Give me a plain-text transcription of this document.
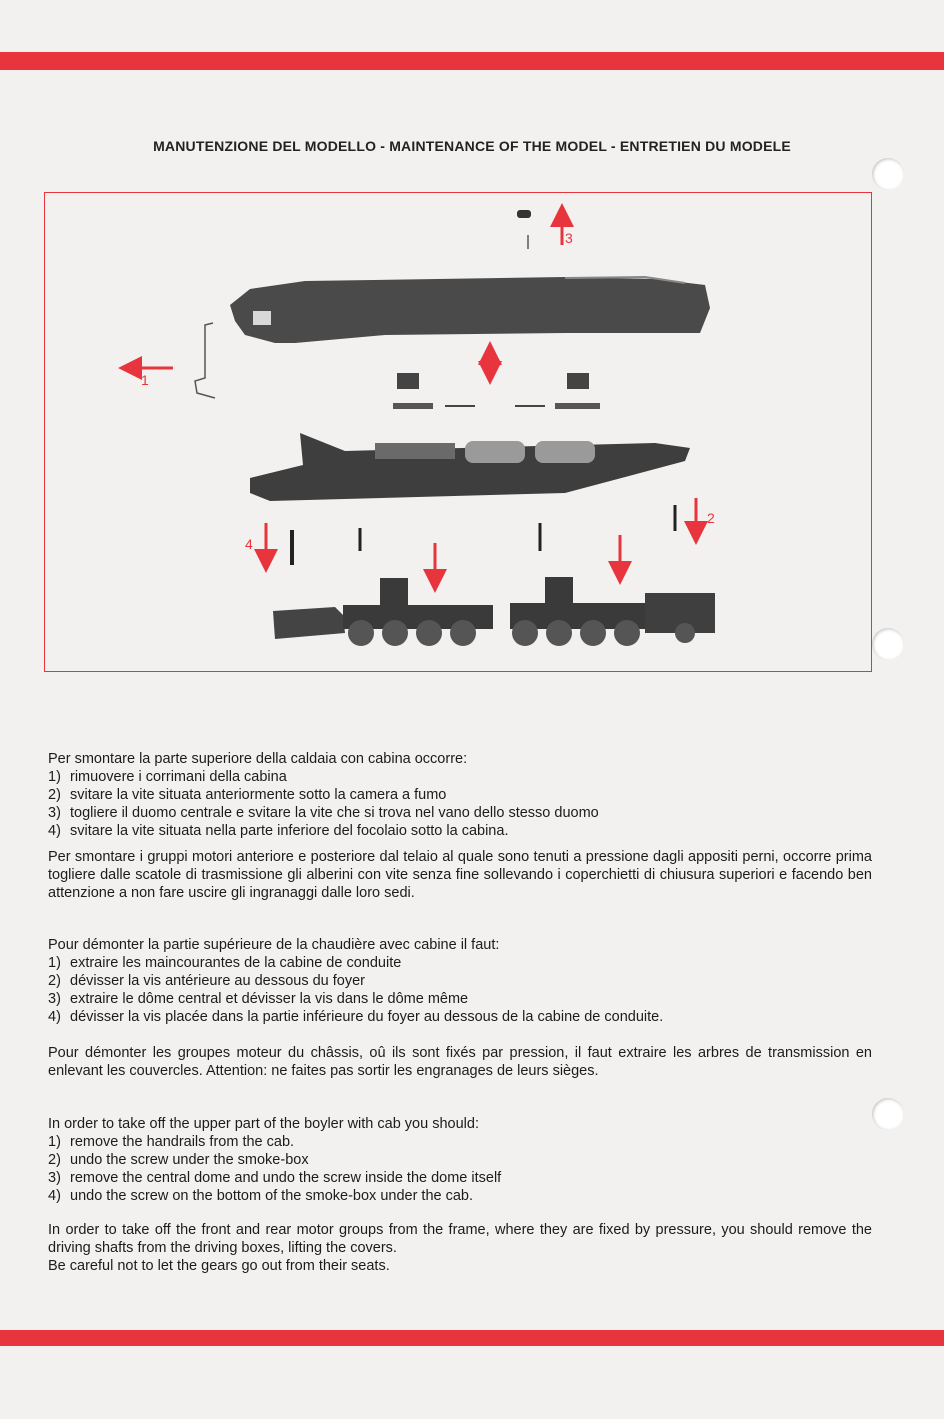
MANUTENZIONE DEL MODELLO - MAINTENANCE OF THE MODEL - ENTRETIEN DU MODELE
1
2
3
4

Per smontare la parte superiore della caldaia con cabina occorre:

1) rimuovere i corrimani della cabina

2) svitare la vite situata anteriormente sotto la camera a fumo

3) togliere il duomo centrale e svitare la vite che si trova nel vano dello stesso duomo

4) svitare la vite situata nella parte inferiore del focolaio sotto la cabina.

Per smontare i gruppi motori anteriore e posteriore dal telaio al quale sono tenuti a pressione dagli appositi perni, occorre prima togliere dalle scatole di trasmissione gli alberini con vite senza fine sollevando i coperchietti di chiusura superiori e facendo ben attenzione a non fare uscire gli ingranaggi dalle loro sedi.

Pour démonter la partie supérieure de la chaudière avec cabine il faut:

1) extraire les maincourantes de la cabine de conduite

2) dévisser la vis antérieure au dessous du foyer

3) extraire le dôme central et dévisser la vis dans le dôme même

4) dévisser la vis placée dans la partie inférieure du foyer au dessous de la cabine de conduite.

Pour démonter les groupes moteur du châssis, oû ils sont fixés par pression, il faut extraire les arbres de transmission en enlevant les couvercles. Attention: ne faites pas sortir les engranages de leurs sièges.

In order to take off the upper part of the boyler with cab you should:

1) remove the handrails from the cab.

2) undo the screw under the smoke-box

3) remove the central dome and undo the screw inside the dome itself

4) undo the screw on the bottom of the smoke-box under the cab.

In order to take off the front and rear motor groups from the frame, where they are fixed by pressure, you should remove the driving shafts from the driving boxes, lifting the covers.

Be careful not to let the gears go out from their seats.
